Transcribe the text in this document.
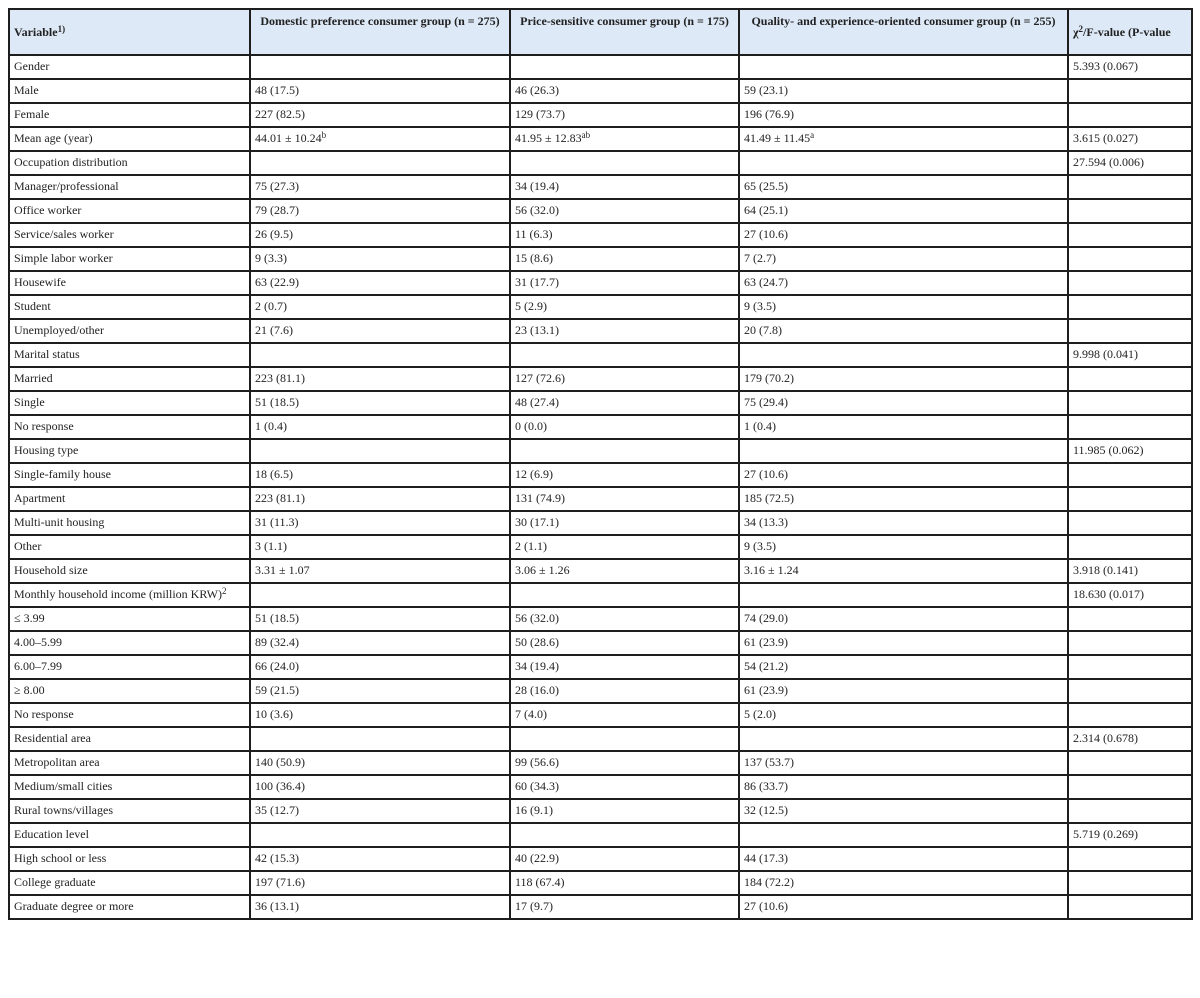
Variable$^{1)}$	Domestic preference consumer group (n = 275)	Price-sensitive consumer group (n = 175)	Quality- and experience-oriented consumer group (n = 255)	$\chi^2/F$-value (P-value
Gender				5.393 (0.067)
Male	48 (17.5)	46 (26.3)	59 (23.1)	
Female	227 (82.5)	129 (73.7)	196 (76.9)	
Mean age (year)	44.01 ± 10.24$^b$	41.95 ± 12.83$^{ab}$	41.49 ± 11.45$^a$	3.615 (0.027)
Occupation distribution				27.594 (0.006)
Manager/professional	75 (27.3)	34 (19.4)	65 (25.5)	
Office worker	79 (28.7)	56 (32.0)	64 (25.1)	
Service/sales worker	26 (9.5)	11 (6.3)	27 (10.6)	
Simple labor worker	9 (3.3)	15 (8.6)	7 (2.7)	
Housewife	63 (22.9)	31 (17.7)	63 (24.7)	
Student	2 (0.7)	5 (2.9)	9 (3.5)	
Unemployed/other	21 (7.6)	23 (13.1)	20 (7.8)	
Marital status				9.998 (0.041)
Married	223 (81.1)	127 (72.6)	179 (70.2)	
Single	51 (18.5)	48 (27.4)	75 (29.4)	
No response	1 (0.4)	0 (0.0)	1 (0.4)	
Housing type				11.985 (0.062)
Single-family house	18 (6.5)	12 (6.9)	27 (10.6)	
Apartment	223 (81.1)	131 (74.9)	185 (72.5)	
Multi-unit housing	31 (11.3)	30 (17.1)	34 (13.3)	
Other	3 (1.1)	2 (1.1)	9 (3.5)	
Household size	3.31 ± 1.07	3.06 ± 1.26	3.16 ± 1.24	3.918 (0.141)
Monthly household income (million KRW)$^2$				18.630 (0.017)
≤ 3.99	51 (18.5)	56 (32.0)	74 (29.0)	
4.00–5.99	89 (32.4)	50 (28.6)	61 (23.9)	
6.00–7.99	66 (24.0)	34 (19.4)	54 (21.2)	
≥ 8.00	59 (21.5)	28 (16.0)	61 (23.9)	
No response	10 (3.6)	7 (4.0)	5 (2.0)	
Residential area				2.314 (0.678)
Metropolitan area	140 (50.9)	99 (56.6)	137 (53.7)	
Medium/small cities	100 (36.4)	60 (34.3)	86 (33.7)	
Rural towns/villages	35 (12.7)	16 (9.1)	32 (12.5)	
Education level				5.719 (0.269)
High school or less	42 (15.3)	40 (22.9)	44 (17.3)	
College graduate	197 (71.6)	118 (67.4)	184 (72.2)	
Graduate degree or more	36 (13.1)	17 (9.7)	27 (10.6)	
